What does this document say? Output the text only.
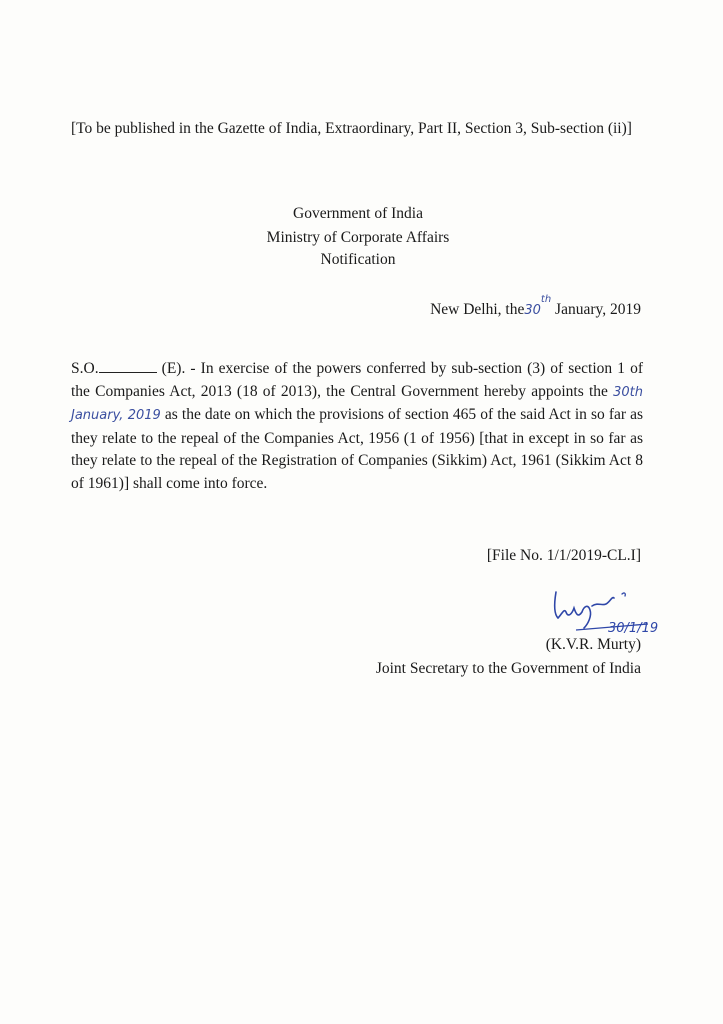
[To be published in the Gazette of India, Extraordinary, Part II, Section 3, Sub-section (ii)]
Government of India
Ministry of Corporate Affairs
Notification
New Delhi, the30th January, 2019
S.O.	(E). - In exercise of the powers conferred by sub-section (3) of section 1 of the Companies Act, 2013 (18 of 2013), the Central Government hereby appoints the 30th January, 2019 as the date on which the provisions of section 465 of the said Act in so far as they relate to the repeal of the Companies Act, 1956 (1 of 1956) [that in except in so far as they relate to the repeal of the Registration of Companies (Sikkim) Act, 1961 (Sikkim Act 8 of 1961)] shall come into force.
[File No. 1/1/2019-CL.I]
30/1/19
(K.V.R. Murty)
Joint Secretary to the Government of India
